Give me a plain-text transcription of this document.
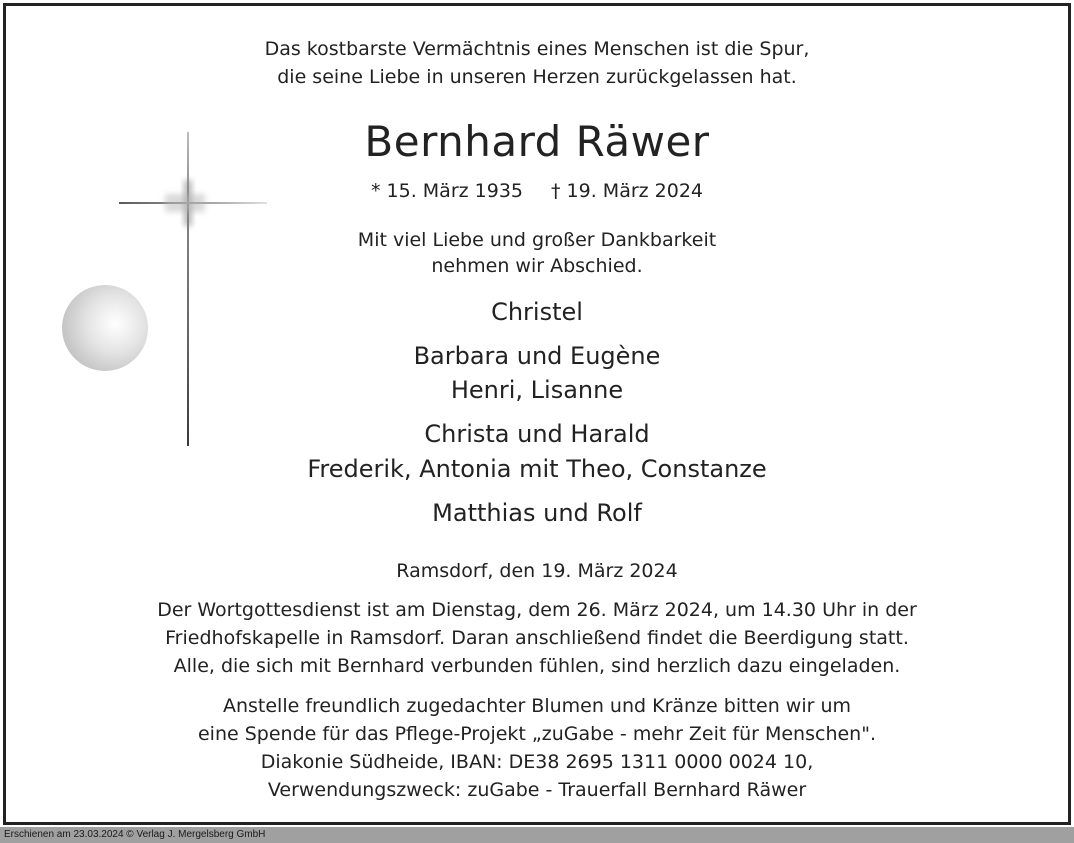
Das kostbarste Vermächtnis eines Menschen ist die Spur,
die seine Liebe in unseren Herzen zurückgelassen hat.
Bernhard Räwer
* 15. März 1935 † 19. März 2024
Mit viel Liebe und großer Dankbarkeit
nehmen wir Abschied.
Christel
Barbara und Eugène
Henri, Lisanne
Christa und Harald
Frederik, Antonia mit Theo, Constanze
Matthias und Rolf
Ramsdorf, den 19. März 2024
Der Wortgottesdienst ist am Dienstag, dem 26. März 2024, um 14.30 Uhr in der
Friedhofskapelle in Ramsdorf. Daran anschließend findet die Beerdigung statt.
Alle, die sich mit Bernhard verbunden fühlen, sind herzlich dazu eingeladen.
Anstelle freundlich zugedachter Blumen und Kränze bitten wir um
eine Spende für das Pflege-Projekt „zuGabe - mehr Zeit für Menschen".
Diakonie Südheide, IBAN: DE38 2695 1311 0000 0024 10,
Verwendungszweck: zuGabe - Trauerfall Bernhard Räwer
Erschienen am 23.03.2024 © Verlag J. Mergelsberg GmbH
